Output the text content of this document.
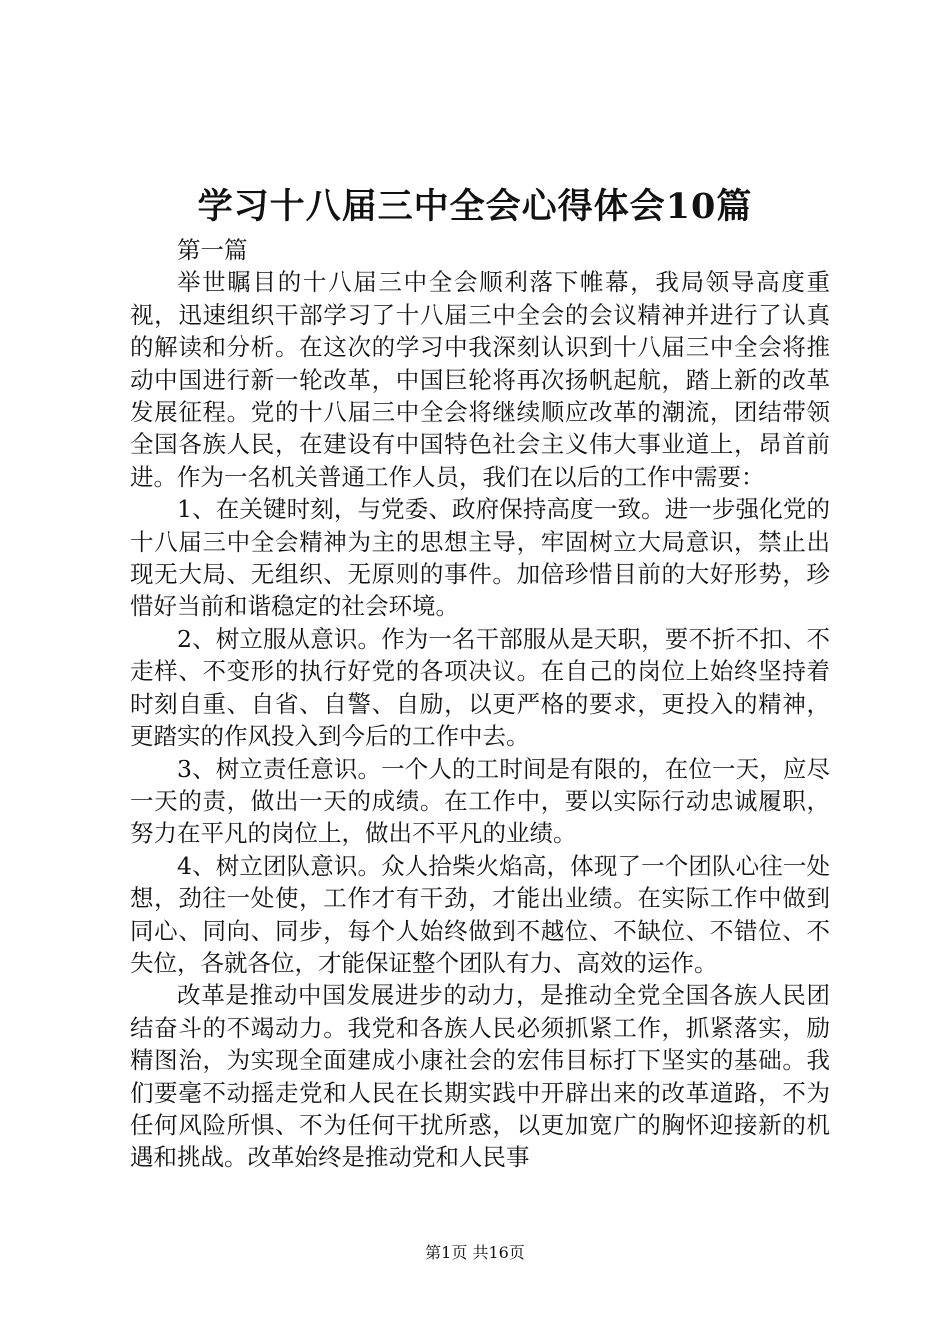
学习十八届三中全会心得体会10篇

第一篇

举世瞩目的十八届三中全会顺利落下帷幕，我局领导高度重视，迅速组织干部学习了十八届三中全会的会议精神并进行了认真的解读和分析。在这次的学习中我深刻认识到十八届三中全会将推动中国进行新一轮改革，中国巨轮将再次扬帆起航，踏上新的改革发展征程。党的十八届三中全会将继续顺应改革的潮流，团结带领全国各族人民，在建设有中国特色社会主义伟大事业道上，昂首前进。作为一名机关普通工作人员，我们在以后的工作中需要：

1、在关键时刻，与党委、政府保持高度一致。进一步强化党的十八届三中全会精神为主的思想主导，牢固树立大局意识，禁止出现无大局、无组织、无原则的事件。加倍珍惜目前的大好形势，珍惜好当前和谐稳定的社会环境。

2、树立服从意识。作为一名干部服从是天职，要不折不扣、不走样、不变形的执行好党的各项决议。在自己的岗位上始终坚持着时刻自重、自省、自警、自励，以更严格的要求，更投入的精神，更踏实的作风投入到今后的工作中去。

3、树立责任意识。一个人的工时间是有限的，在位一天，应尽一天的责，做出一天的成绩。在工作中，要以实际行动忠诚履职，努力在平凡的岗位上，做出不平凡的业绩。

4、树立团队意识。众人拾柴火焰高，体现了一个团队心往一处想，劲往一处使，工作才有干劲，才能出业绩。在实际工作中做到同心、同向、同步，每个人始终做到不越位、不缺位、不错位、不失位，各就各位，才能保证整个团队有力、高效的运作。

改革是推动中国发展进步的动力，是推动全党全国各族人民团结奋斗的不竭动力。我党和各族人民必须抓紧工作，抓紧落实，励精图治，为实现全面建成小康社会的宏伟目标打下坚实的基础。我们要毫不动摇走党和人民在长期实践中开辟出来的改革道路，不为任何风险所惧、不为任何干扰所惑，以更加宽广的胸怀迎接新的机遇和挑战。改革始终是推动党和人民事

第1页 共16页
